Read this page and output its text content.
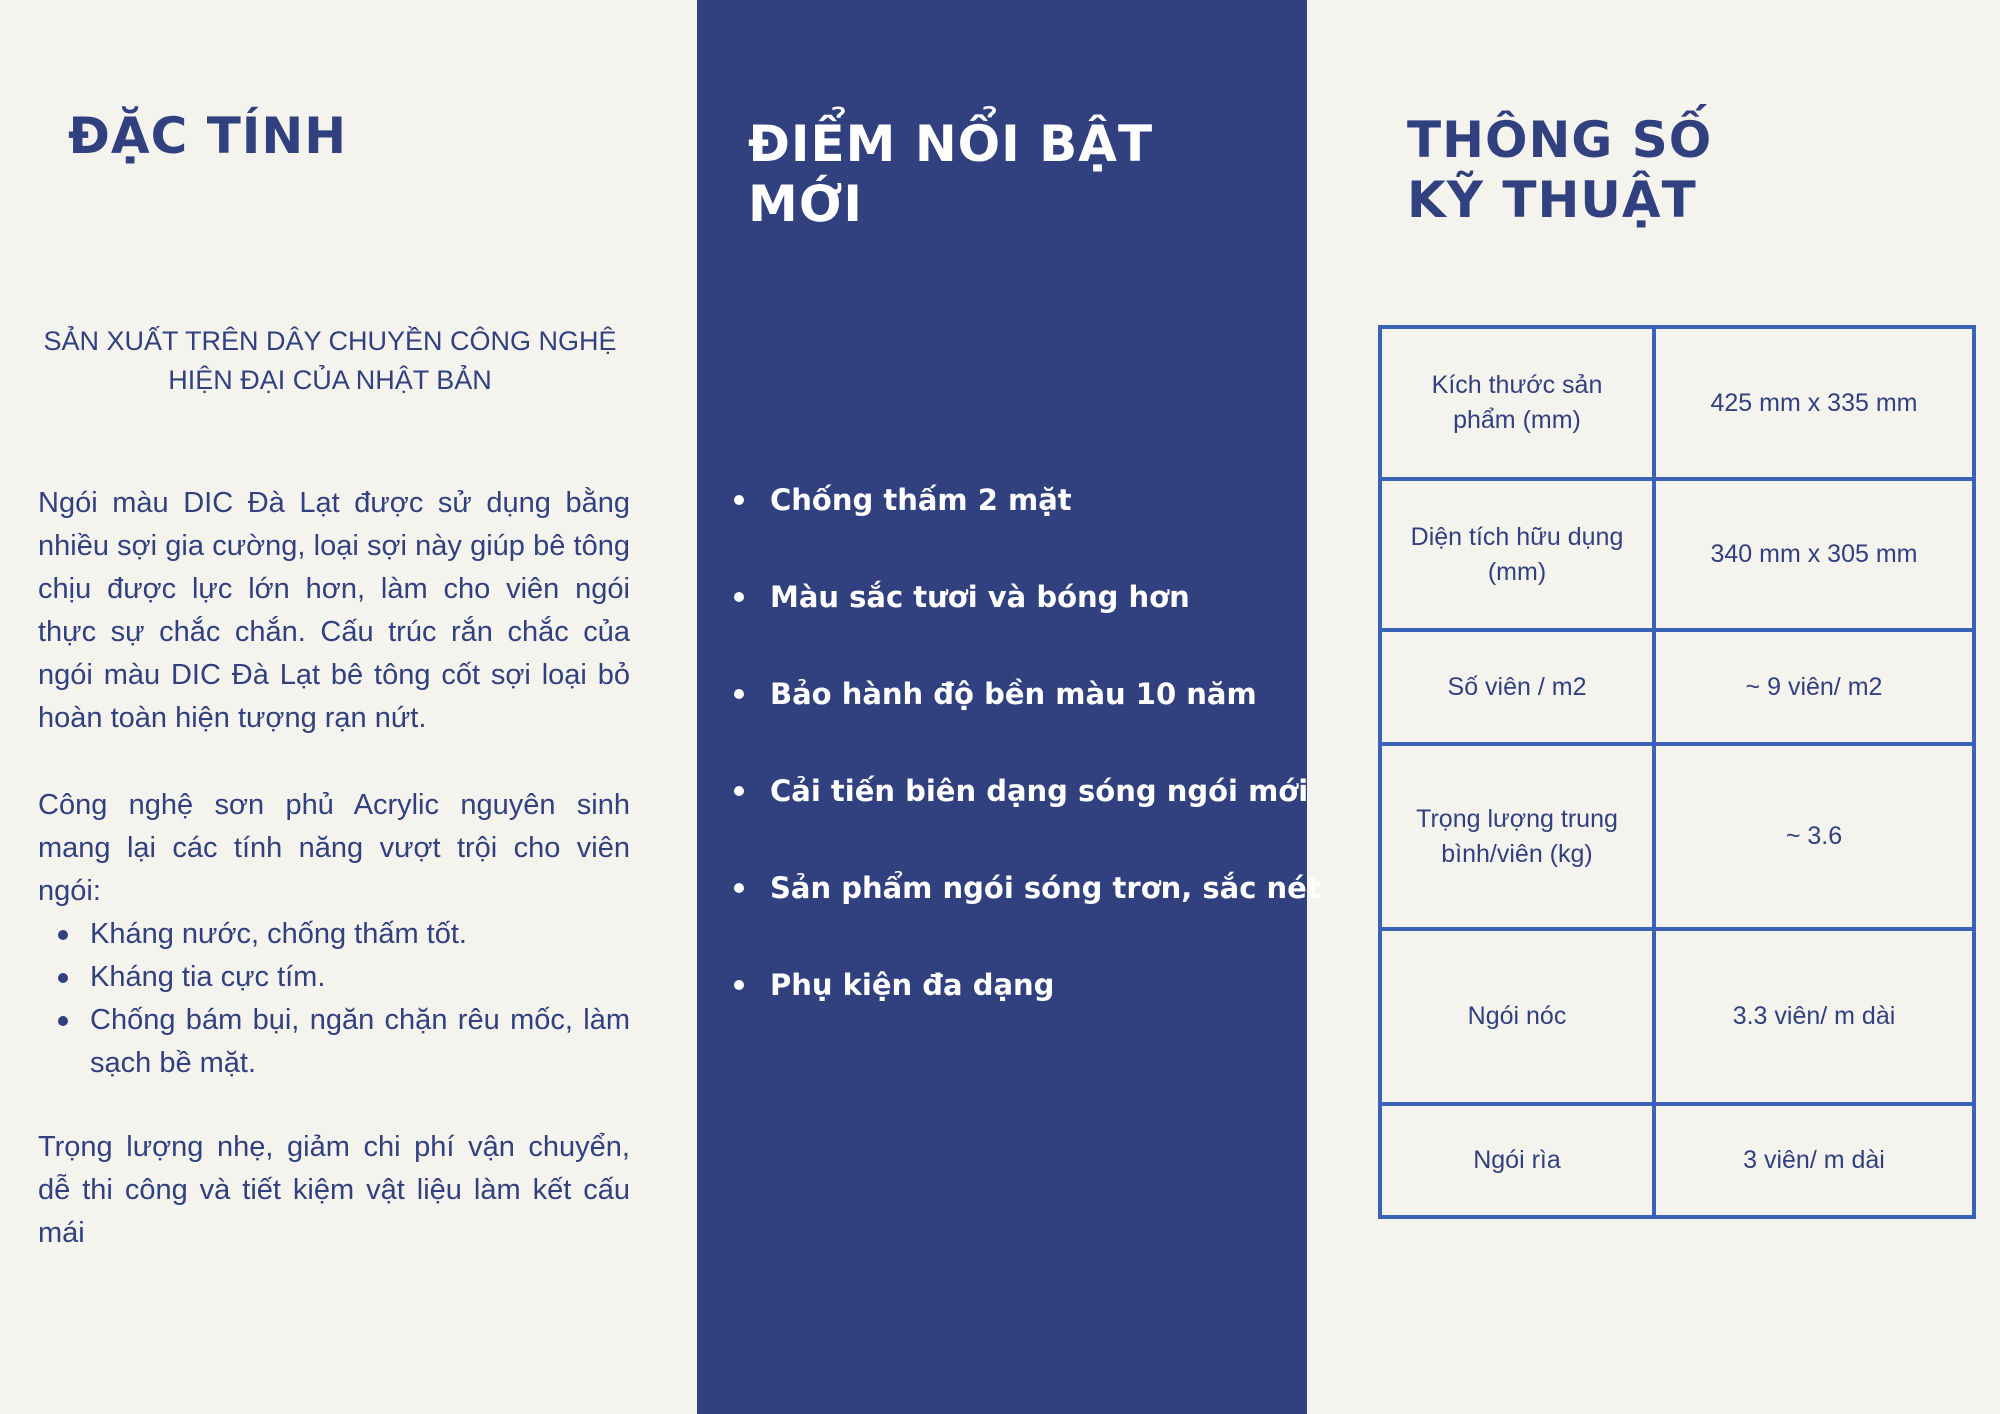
ĐẶC TÍNH

SẢN XUẤT TRÊN DÂY CHUYỀN CÔNG NGHỆ
HIỆN ĐẠI CỦA NHẬT BẢN

Ngói màu DIC Đà Lạt được sử dụng bằng nhiều sợi gia cường, loại sợi này giúp bê tông chịu được lực lớn hơn, làm cho viên ngói thực sự chắc chắn. Cấu trúc rắn chắc của ngói màu DIC Đà Lạt bê tông cốt sợi loại bỏ hoàn toàn hiện tượng rạn nứt.

Công nghệ sơn phủ Acrylic nguyên sinh mang lại các tính năng vượt trội cho viên ngói:

Kháng nước, chống thấm tốt.
Kháng tia cực tím.
Chống bám bụi, ngăn chặn rêu mốc, làm sạch bề mặt.

Trọng lượng nhẹ, giảm chi phí vận chuyển, dễ thi công và tiết kiệm vật liệu làm kết cấu mái

ĐIỂM NỔI BẬT
MỚI
Chống thấm 2 mặt
Màu sắc tươi và bóng hơn
Bảo hành độ bền màu 10 năm
Cải tiến biên dạng sóng ngói mới
Sản phẩm ngói sóng trơn, sắc nét
Phụ kiện đa dạng
THÔNG SỐ
KỸ THUẬT
Kích thước sản phẩm (mm)	425 mm x 335 mm
Diện tích hữu dụng (mm)	340 mm x 305 mm
Số viên / m2	~ 9 viên/ m2
Trọng lượng trung bình/viên (kg)	~ 3.6
Ngói nóc	3.3 viên/ m dài
Ngói rìa	3 viên/ m dài
